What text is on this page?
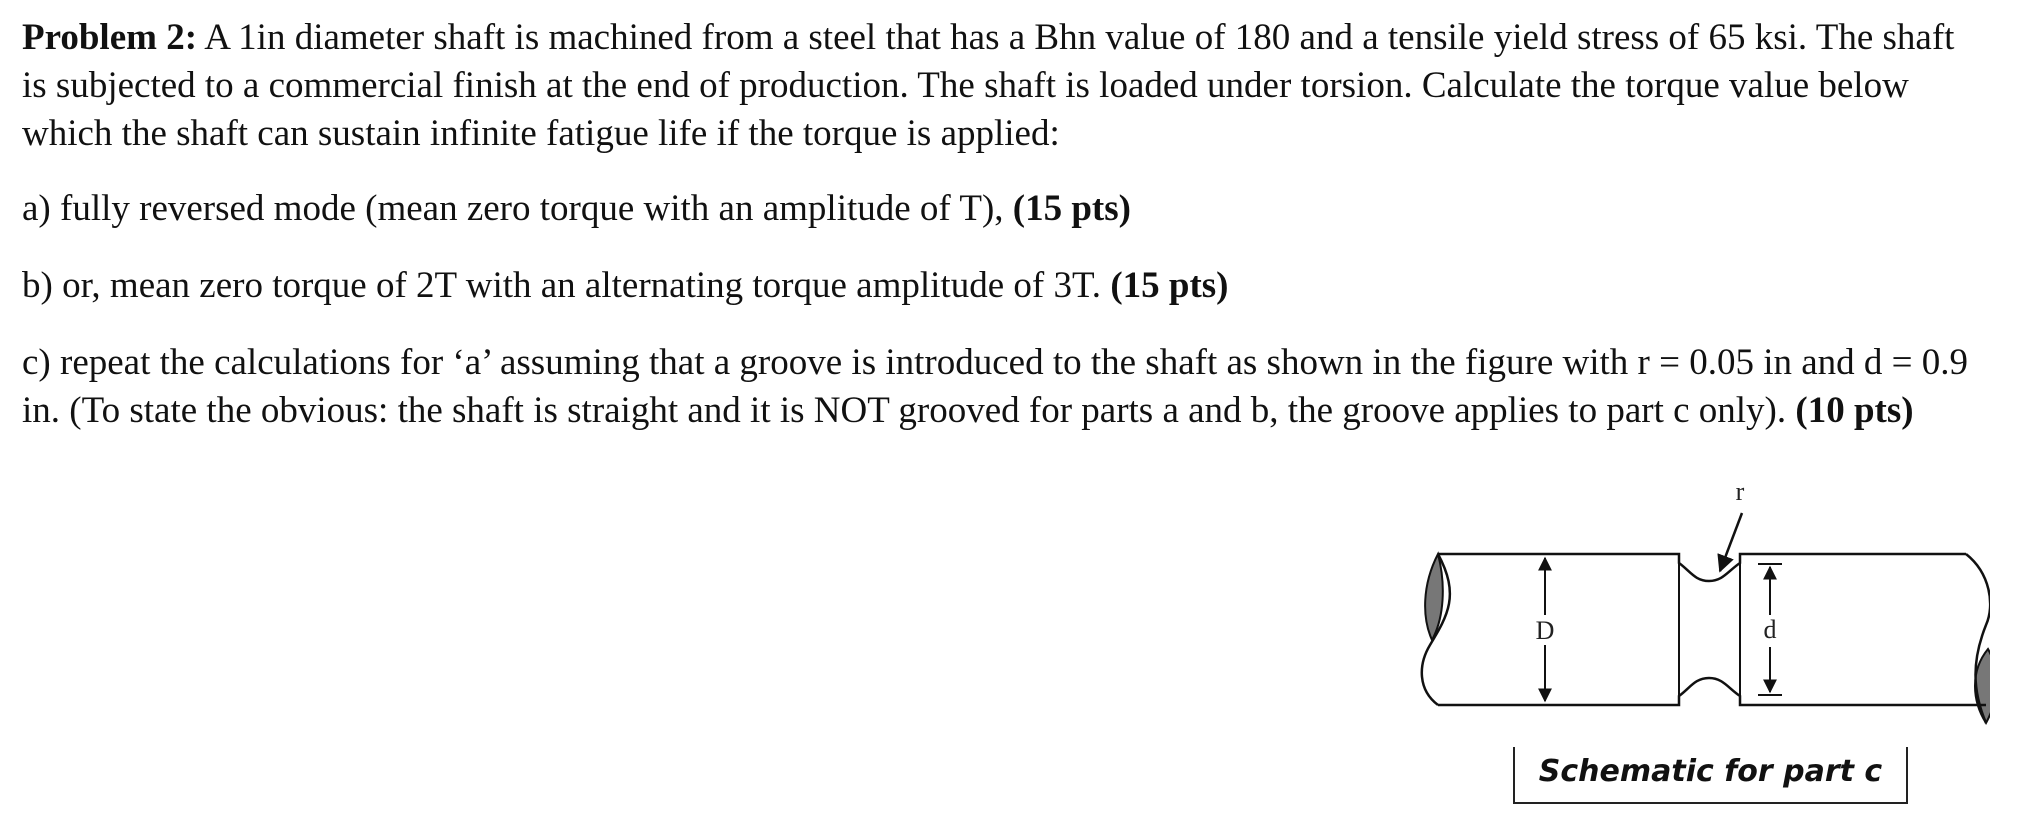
Problem 2: A 1in diameter shaft is machined from a steel that has a Bhn value of 180 and a tensile yield stress of 65 ksi. The shaft is subjected to a commercial finish at the end of production. The shaft is loaded under torsion. Calculate the torque value below which the shaft can sustain infinite fatigue life if the torque is applied:

a) fully reversed mode (mean zero torque with an amplitude of T), (15 pts)

b) or, mean zero torque of 2T with an alternating torque amplitude of 3T. (15 pts)

c) repeat the calculations for ‘a’ assuming that a groove is introduced to the shaft as shown in the figure with r = 0.05 in and d = 0.9 in. (To state the obvious: the shaft is straight and it is NOT grooved for parts a and b, the groove applies to part c only). (10 pts)

D	d
r
Schematic for part c
